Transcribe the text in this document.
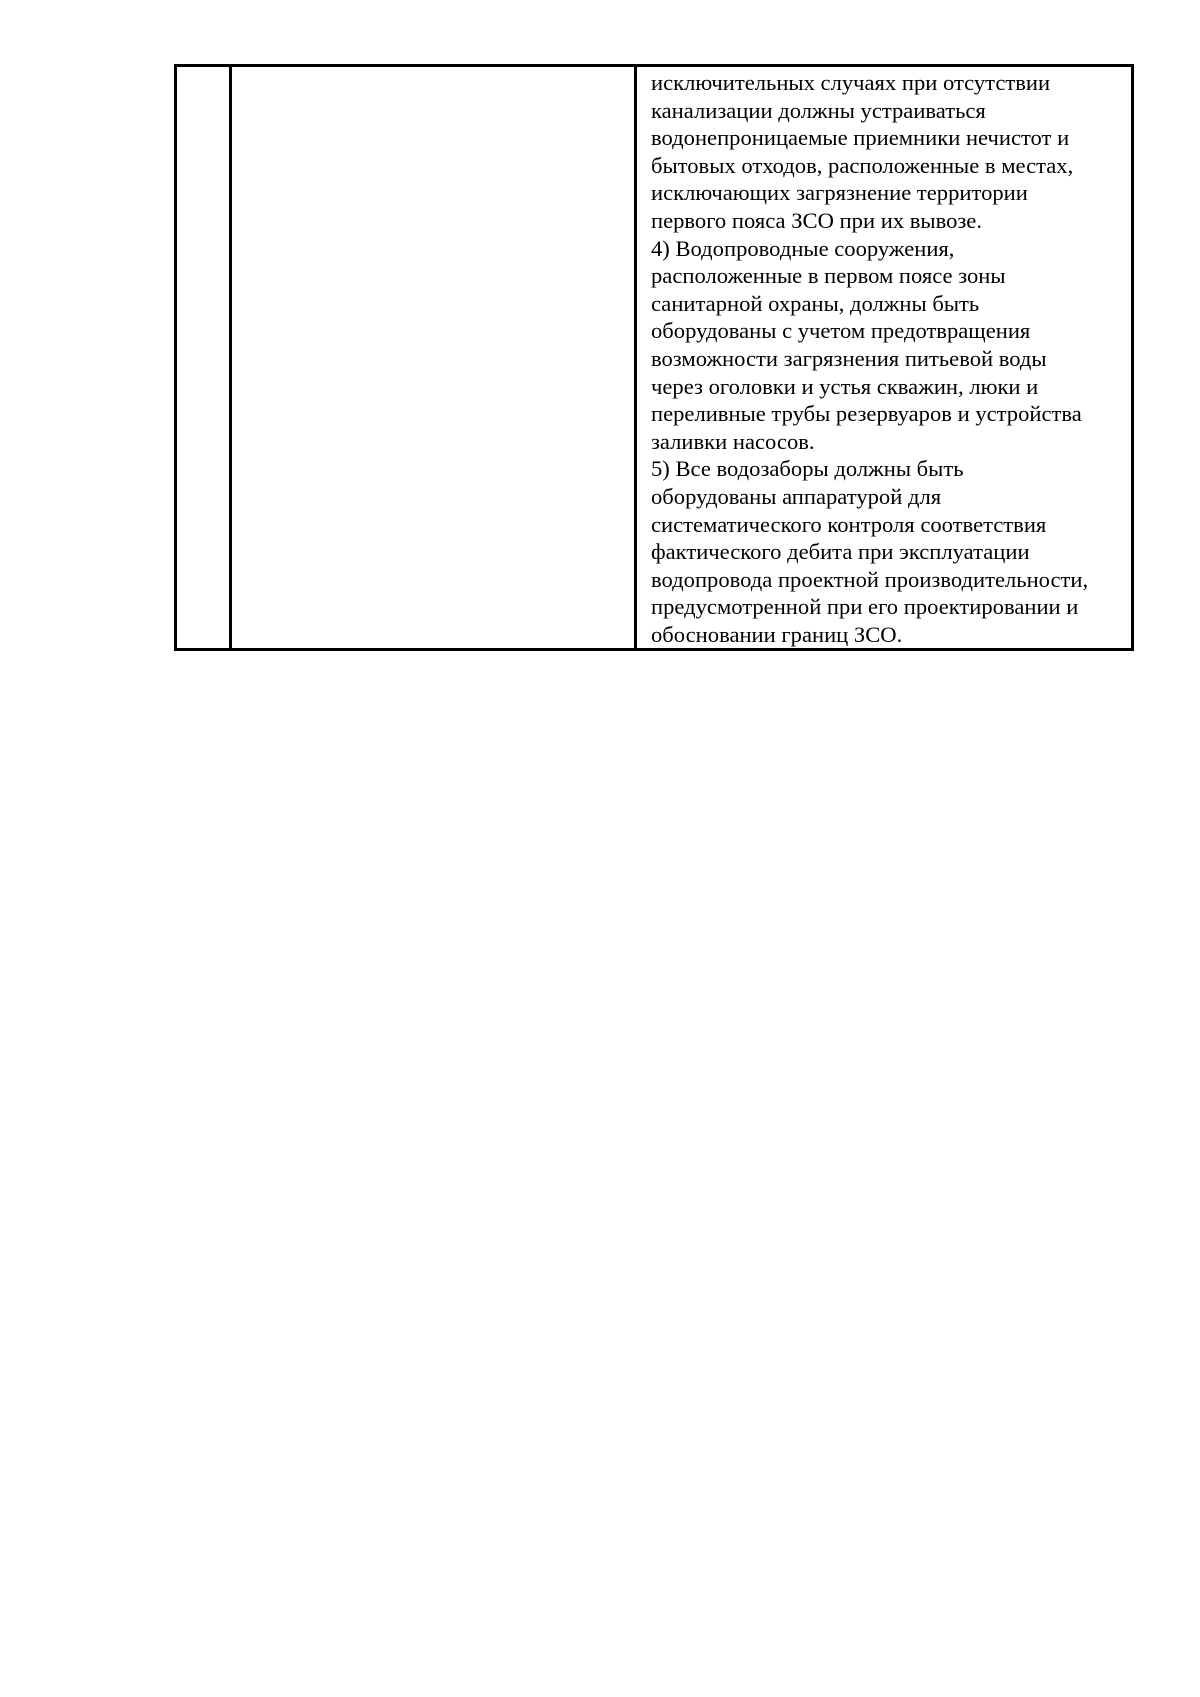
исключительных случаях при отсутствии
канализации должны устраиваться
водонепроницаемые приемники нечистот и
бытовых отходов, расположенные в местах,
исключающих загрязнение территории
первого пояса ЗСО при их вывозе.
4) Водопроводные сооружения,
расположенные в первом поясе зоны
санитарной охраны, должны быть
оборудованы с учетом предотвращения
возможности загрязнения питьевой воды
через оголовки и устья скважин, люки и
переливные трубы резервуаров и устройства
заливки насосов.
5) Все водозаборы должны быть
оборудованы аппаратурой для
систематического контроля соответствия
фактического дебита при эксплуатации
водопровода проектной производительности,
предусмотренной при его проектировании и
обосновании границ ЗСО.
